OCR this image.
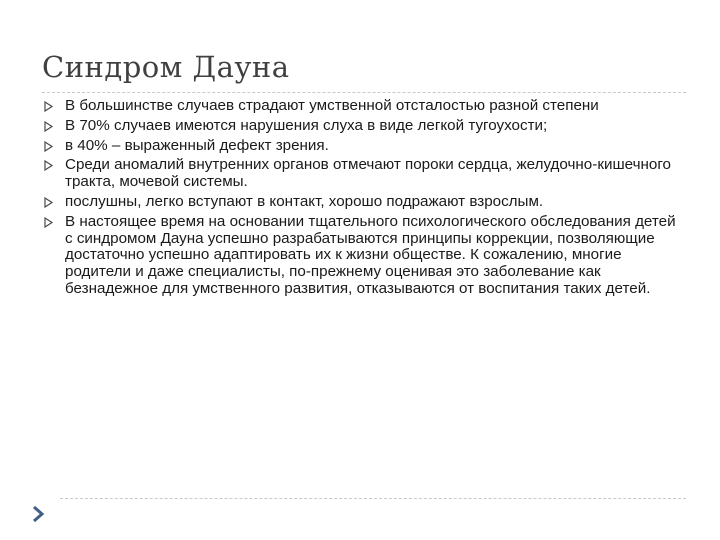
Синдром Дауна
В большинстве случаев страдают умственной отсталостью разной степени
В 70% случаев имеются нарушения слуха в виде легкой тугоухости;
в 40% – выраженный дефект зрения.
Среди аномалий внутренних органов отмечают пороки сердца, желудочно-кишечного тракта, мочевой системы.
послушны, легко вступают в контакт, хорошо подражают взрослым.
В настоящее время на основании тщательного психологического обследования детей с синдромом Дауна успешно разрабатываются принципы коррекции, позволяющие достаточно успешно адаптировать их к жизни обществе. К сожалению, многие родители и даже специалисты, по-прежнему оценивая это заболевание как безнадежное для умственного развития, отказываются от воспитания таких детей.
